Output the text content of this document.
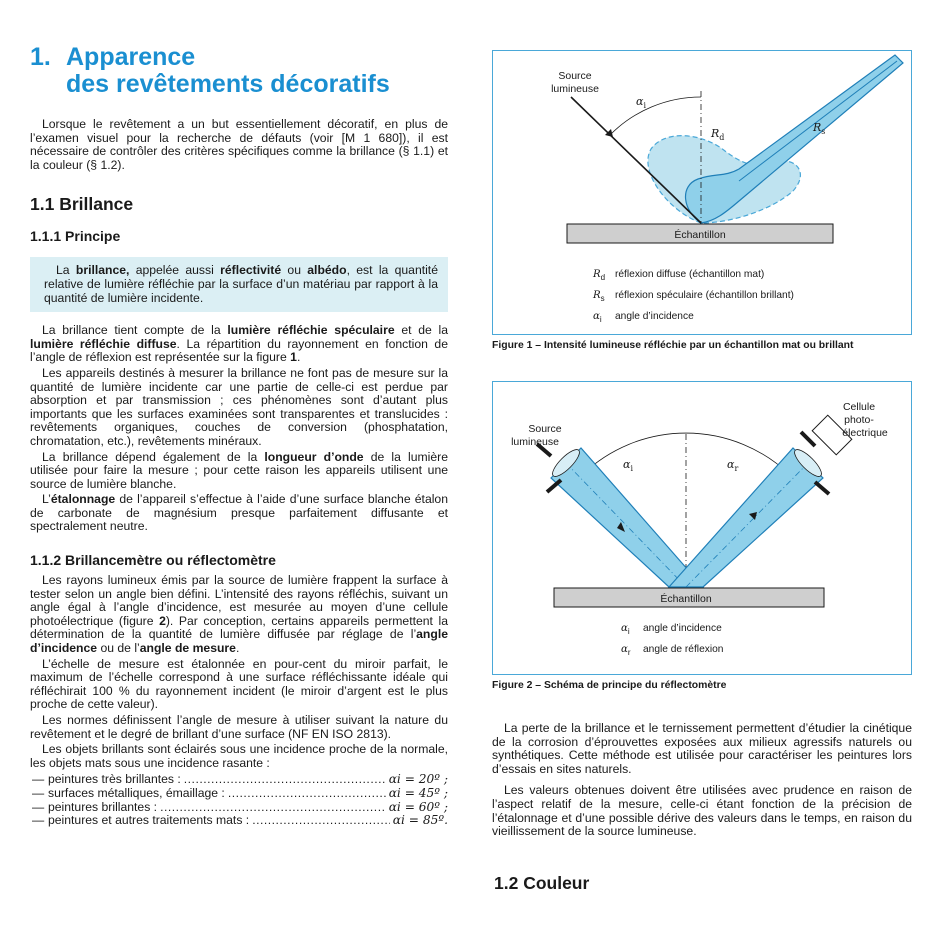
1. Apparence
des revêtements décoratifs

Lorsque le revêtement a un but essentiellement décoratif, en plus de l’examen visuel pour la recherche de défauts (voir [M 1 680]), il est nécessaire de contrôler des critères spécifiques comme la brillance (§ 1.1) et la couleur (§ 1.2).

1.1 Brillance
1.1.1 Principe

La brillance, appelée aussi réflectivité ou albédo, est la quantité relative de lumière réfléchie par la surface d’un matériau par rapport à la quantité de lumière incidente.

La brillance tient compte de la lumière réfléchie spéculaire et de la lumière réfléchie diffuse. La répartition du rayonnement en fonction de l’angle de réflexion est représentée sur la figure 1.

Les appareils destinés à mesurer la brillance ne font pas de mesure sur la quantité de lumière incidente car une partie de celle-ci est perdue par absorption et par transmission ; ces phénomènes sont d’autant plus importants que les surfaces examinées sont transparentes et translucides : revêtements organiques, couches de conversion (phosphatation, chromatation, etc.), revêtements minéraux.

La brillance dépend également de la longueur d’onde de la lumière utilisée pour faire la mesure ; pour cette raison les appareils utilisent une source de lumière blanche.

L’étalonnage de l’appareil s’effectue à l’aide d’une surface blanche étalon de carbonate de magnésium presque parfaitement diffusante et spectralement neutre.

1.1.2 Brillancemètre ou réflectomètre

Les rayons lumineux émis par la source de lumière frappent la surface à tester selon un angle bien défini. L’intensité des rayons réfléchis, suivant un angle égal à l’angle d’incidence, est mesurée au moyen d’une cellule photoélectrique (figure 2). Par conception, certains appareils permettent la détermination de la quantité de lumière diffusée par réglage de l’angle d’incidence ou de l’angle de mesure.

L’échelle de mesure est étalonnée en pour-cent du miroir parfait, le maximum de l’échelle correspond à une surface réfléchissante idéale qui réfléchirait 100 % du rayonnement incident (le miroir d’argent est le plus proche de cette valeur).

Les normes définissent l’angle de mesure à utiliser suivant la nature du revêtement et le degré de brillant d’une surface (NF EN ISO 2813).

Les objets brillants sont éclairés sous une incidence proche de la normale, les objets mats sous une incidence rasante :

— peintures très brillantes : .....	αi = 20º ;
— surfaces métalliques, émaillage : .....	αi = 45º ;
— peintures brillantes : .....	αi = 60º ;
— peintures et autres traitements mats : .....	αi = 85º.
Échantillon
Source
lumineuse
$\alpha_i$
$R_d$
$R_s$
$R_d$ réflexion diffuse (échantillon mat)
$R_s$ réflexion spéculaire (échantillon brillant)
$\alpha_i$ angle d’incidence
Figure 1 – Intensité lumineuse réfléchie par un échantillon mat ou brillant
Échantillon
Source
lumineuse
Cellule
photo-
électrique
$\alpha_i$	$\alpha_r$
$\alpha_i$ angle d’incidence
$\alpha_r$ angle de réflexion
Figure 2 – Schéma de principe du réflectomètre

La perte de la brillance et le ternissement permettent d’étudier la cinétique de la corrosion d’éprouvettes exposées aux milieux agressifs naturels ou synthétiques. Cette méthode est utilisée pour caractériser les peintures lors d’essais en sites naturels.

Les valeurs obtenues doivent être utilisées avec prudence en raison de l’aspect relatif de la mesure, celle-ci étant fonction de la précision de l’étalonnage et d’une possible dérive des valeurs dans le temps, en raison du vieillissement de la source lumineuse.

1.2 Couleur
